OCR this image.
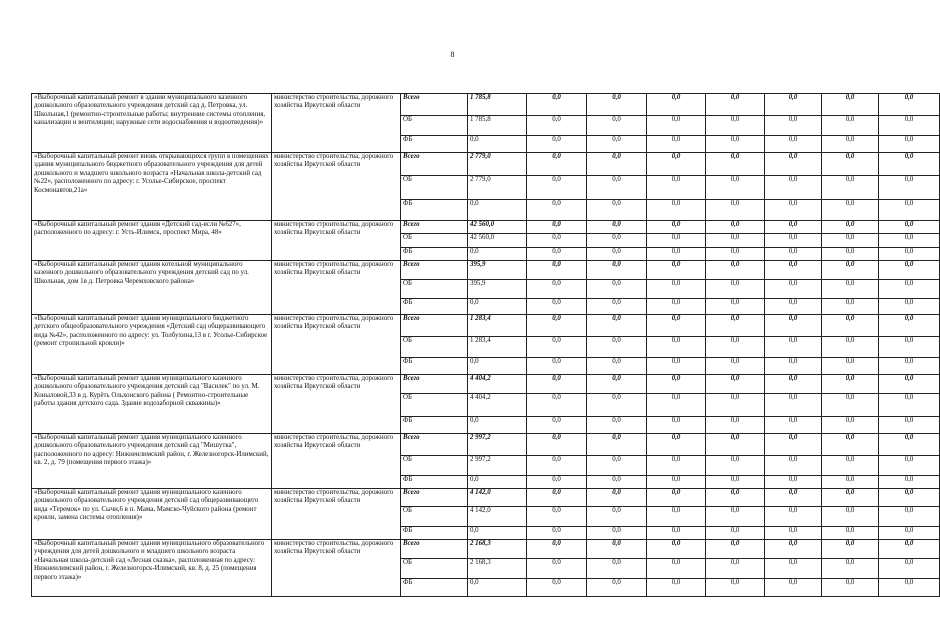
8
«Выборочный капитальный ремонт в здании муниципального казенного дошкольного образовательного учреждения детский сад д. Петровка, ул. Школьная,1 (ремонтно-строительные работы; внутренние системы отопления, канализации и вентиляции; наружные сети водоснабжения и водоотведения)»	министерство строительства, дорожного хозяйства Иркутской области	Всего	1 785,8	0,0	0,0	0,0	0,0	0,0	0,0	0,0
		ОБ	1 785,8	0,0	0,0	0,0	0,0	0,0	0,0	0,0
		ФБ	0,0	0,0	0,0	0,0	0,0	0,0	0,0	0,0
«Выборочный капитальный ремонт вновь открывающихся групп в помещениях здания муниципального бюджетного образовательного учреждения для детей дошкольного и младшего школьного возраста «Начальная школа-детский сад №22», расположенного по адресу: г. Усолье-Сибирское, проспект Космонавтов,21а»	министерство строительства, дорожного хозяйства Иркутской области	Всего	2 779,0	0,0	0,0	0,0	0,0	0,0	0,0	0,0
		ОБ	2 779,0	0,0	0,0	0,0	0,0	0,0	0,0	0,0
		ФБ	0,0	0,0	0,0	0,0	0,0	0,0	0,0	0,0
«Выборочный капитальный ремонт здания «Детский сад-ясли №627», расположенного по адресу: г. Усть-Илимск, проспект Мира, 48»	министерство строительства, дорожного хозяйства Иркутской области	Всего	42 560,0	0,0	0,0	0,0	0,0	0,0	0,0	0,0
		ОБ	42 560,0	0,0	0,0	0,0	0,0	0,0	0,0	0,0
		ФБ	0,0	0,0	0,0	0,0	0,0	0,0	0,0	0,0
«Выборочный капитальный ремонт здания котельной муниципального казенного дошкольного образовательного учреждения детский сад по ул. Школьная, дом 1в д. Петровка Черемховского района»	министерство строительства, дорожного хозяйства Иркутской области	Всего	395,9	0,0	0,0	0,0	0,0	0,0	0,0	0,0
		ОБ	395,9	0,0	0,0	0,0	0,0	0,0	0,0	0,0
		ФБ	0,0	0,0	0,0	0,0	0,0	0,0	0,0	0,0
«Выборочный капитальный ремонт здания муниципального бюджетного детского общеобразовательного учреждения «Детский сад общеразвивающего вида №42», расположенного по адресу: ул. Толбухина,13 в г. Усолье-Сибирское (ремонт стропильной кровли)»	министерство строительства, дорожного хозяйства Иркутской области	Всего	1 283,4	0,0	0,0	0,0	0,0	0,0	0,0	0,0
		ОБ	1 283,4	0,0	0,0	0,0	0,0	0,0	0,0	0,0
		ФБ	0,0	0,0	0,0	0,0	0,0	0,0	0,0	0,0
«Выборочный капитальный ремонт здания муниципального казенного дошкольного образовательного учреждения детский сад "Василек" по ул. М. Коныловой,33 в д. Курёть Ольхонского района ( Ремонтно-строительные работы здания детского сада. Здание водозаборной скважины)»	министерство строительства, дорожного хозяйства Иркутской области	Всего	4 404,2	0,0	0,0	0,0	0,0	0,0	0,0	0,0
		ОБ	4 404,2	0,0	0,0	0,0	0,0	0,0	0,0	0,0
		ФБ	0,0	0,0	0,0	0,0	0,0	0,0	0,0	0,0
«Выборочный капитальный ремонт здания муниципального казенного дошкольного образовательного учреждения детский сад "Мишутка", расположенного по адресу: Нижнеилимский район, г. Железногорск-Илимский, кв. 2, д. 79 (помещения первого этажа)»	министерство строительства, дорожного хозяйства Иркутской области	Всего	2 997,2	0,0	0,0	0,0	0,0	0,0	0,0	0,0
		ОБ	2 997,2	0,0	0,0	0,0	0,0	0,0	0,0	0,0
		ФБ	0,0	0,0	0,0	0,0	0,0	0,0	0,0	0,0
«Выборочный капитальный ремонт здания муниципального казенного дошкольного образовательного учреждения детский сад общеразвивающего вида «Теремок» по ул. Сычи,6 в п. Мама, Мамско-Чуйского района (ремонт кровли, замена системы отопления)»	министерство строительства, дорожного хозяйства Иркутской области	Всего	4 142,0	0,0	0,0	0,0	0,0	0,0	0,0	0,0
		ОБ	4 142,0	0,0	0,0	0,0	0,0	0,0	0,0	0,0
		ФБ	0,0	0,0	0,0	0,0	0,0	0,0	0,0	0,0
«Выборочный капитальный ремонт здания муниципального образовательного учреждения для детей дошкольного и младшего школьного возраста «Начальная школа-детский сад «Лесная сказка», расположенная по адресу: Нижнеилимский район, г. Железногорск-Илимский, кв. 8, д. 25 (помещения первого этажа)»	министерство строительства, дорожного хозяйства Иркутской области	Всего	2 168,3	0,0	0,0	0,0	0,0	0,0	0,0	0,0
		ОБ	2 168,3	0,0	0,0	0,0	0,0	0,0	0,0	0,0
		ФБ	0,0	0,0	0,0	0,0	0,0	0,0	0,0	0,0
